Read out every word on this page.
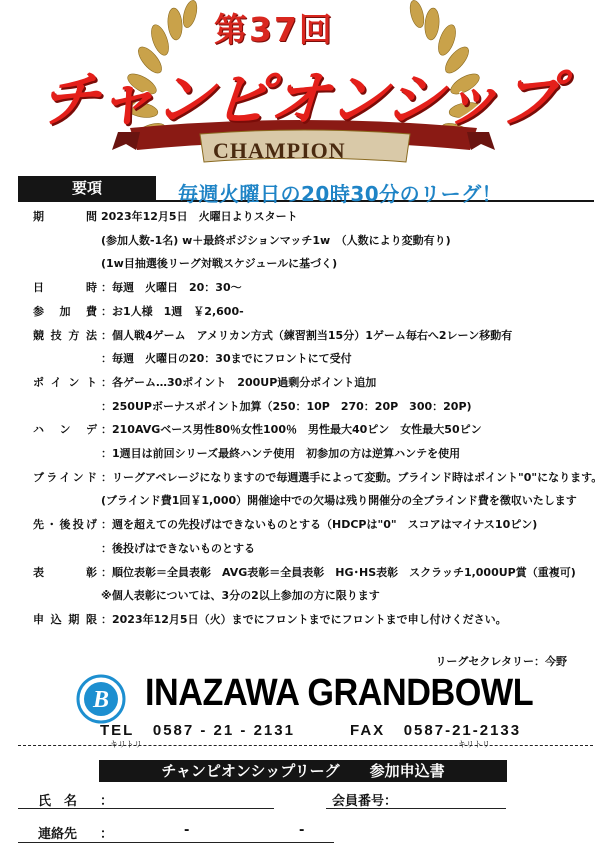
第37回
チャンピオンシップ
CHAMPION
要項	毎週火曜日の20時30分のリーグ！
期　間 2023年12月5日　火曜日よりスタート
(参加人数-1名) w＋最終ポジションマッチ1w　（人数により変動有り)
(1w目抽選後リーグ対戦スケジュールに基づく)
日　時 ：毎週　火曜日　20：30～
参加費 ：お1人様　1週　￥2,600-
競技方法 ：個人戦4ゲーム　アメリカン方式（練習割当15分）1ゲーム毎右へ2レーン移動有
：毎週　火曜日の20：30までにフロントにて受付
ポイント ：各ゲーム…30ポイント　200UP過剰分ポイント追加
：250UPボーナスポイント加算（250：10P　270：20P　300：20P)
ハンデ ：210AVGベース男性80％女性100％　男性最大40ピン　女性最大50ピン
：1週目は前回シリーズ最終ハンテ使用　初参加の方は逆算ハンテを使用
ブラインド ：リーグアベレージになりますので毎週選手によって変動。ブラインド時はポイント"0"になります。
(ブラインド費1回￥1,000）開催途中での欠場は残り開催分の全ブラインド費を徴収いたします
先・後投げ ：週を超えての先投げはできないものとする（HDCPは"0"　スコアはマイナス10ピン)
：後投げはできないものとする
表　彰 ：順位表彰＝全員表彰　AVG表彰＝全員表彰　HG･HS表彰　スクラッチ1,000UP賞（重複可)
※個人表彰については、3分の2以上参加の方に限ります
申込期限 ：2023年12月5日（火）までにフロントまでにフロントまで申し付けください。
リーグセクレタリー：今野
B INAZAWA GRANDBOWL
TEL 0587 - 21 - 2131	FAX 0587-21-2133
キリトリ	キリトリ
チャンピオンシップリーグ　　参加申込書
氏　名 ：	会員番号：
連絡先 ：	-	-
